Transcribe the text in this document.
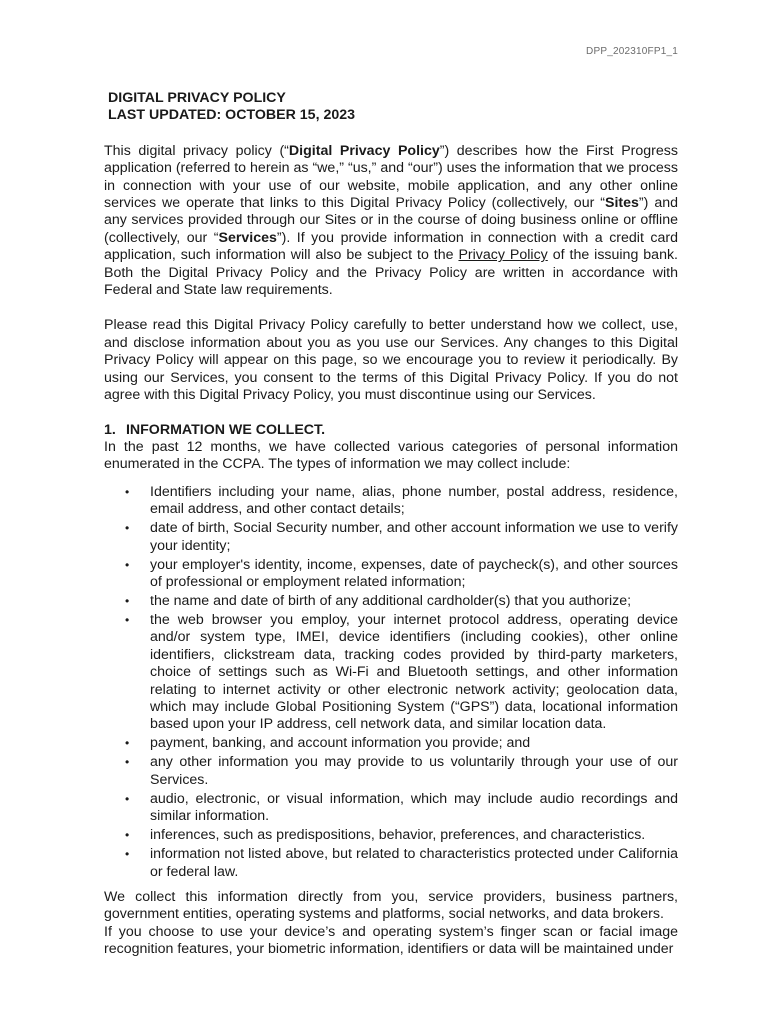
DPP_202310FP1_1
DIGITAL PRIVACY POLICY
LAST UPDATED: OCTOBER 15, 2023

This digital privacy policy (“Digital Privacy Policy”) describes how the First Progress application (referred to herein as “we,” “us,” and “our”) uses the information that we process in connection with your use of our website, mobile application, and any other online services we operate that links to this Digital Privacy Policy (collectively, our “Sites”) and any services provided through our Sites or in the course of doing business online or offline (collectively, our “Services”). If you provide information in connection with a credit card application, such information will also be subject to the Privacy Policy of the issuing bank. Both the Digital Privacy Policy and the Privacy Policy are written in accordance with Federal and State law requirements.

Please read this Digital Privacy Policy carefully to better understand how we collect, use, and disclose information about you as you use our Services. Any changes to this Digital Privacy Policy will appear on this page, so we encourage you to review it periodically. By using our Services, you consent to the terms of this Digital Privacy Policy. If you do not agree with this Digital Privacy Policy, you must discontinue using our Services.

1. INFORMATION WE COLLECT.

In the past 12 months, we have collected various categories of personal information enumerated in the CCPA. The types of information we may collect include:

• Identifiers including your name, alias, phone number, postal address, residence, email address, and other contact details;
• date of birth, Social Security number, and other account information we use to verify your identity;
• your employer's identity, income, expenses, date of paycheck(s), and other sources of professional or employment related information;
• the name and date of birth of any additional cardholder(s) that you authorize;
• the web browser you employ, your internet protocol address, operating device and/or system type, IMEI, device identifiers (including cookies), other online identifiers, clickstream data, tracking codes provided by third-party marketers, choice of settings such as Wi-Fi and Bluetooth settings, and other information relating to internet activity or other electronic network activity; geolocation data, which may include Global Positioning System (“GPS”) data, locational information based upon your IP address, cell network data, and similar location data.
• payment, banking, and account information you provide; and
• any other information you may provide to us voluntarily through your use of our Services.
• audio, electronic, or visual information, which may include audio recordings and similar information.
• inferences, such as predispositions, behavior, preferences, and characteristics.
• information not listed above, but related to characteristics protected under California or federal law.

We collect this information directly from you, service providers, business partners, government entities, operating systems and platforms, social networks, and data brokers.

If you choose to use your device’s and operating system’s finger scan or facial image recognition features, your biometric information, identifiers or data will be maintained under
